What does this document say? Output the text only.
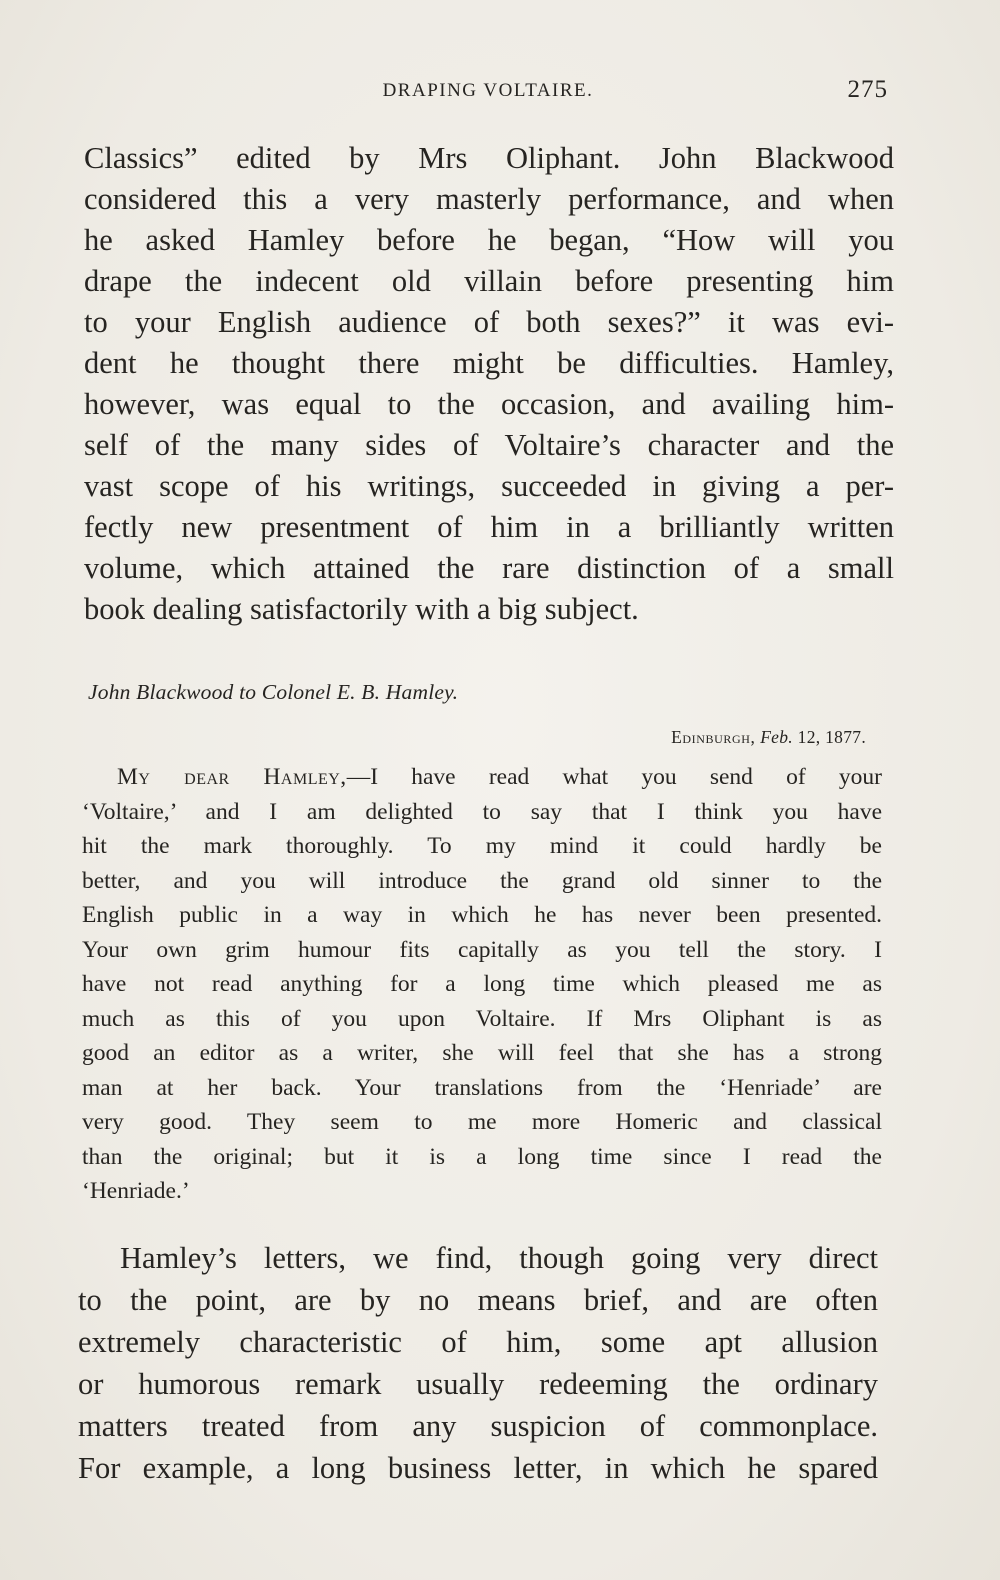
DRAPING VOLTAIRE.	275

Classics” edited by Mrs Oliphant. John Blackwood
considered this a very masterly performance, and when
he asked Hamley before he began, “How will you
drape the indecent old villain before presenting him
to your English audience of both sexes?” it was evi-
dent he thought there might be difficulties. Hamley,
however, was equal to the occasion, and availing him-
self of the many sides of Voltaire’s character and the
vast scope of his writings, succeeded in giving a per-
fectly new presentment of him in a brilliantly written
volume, which attained the rare distinction of a small
book dealing satisfactorily with a big subject.

John Blackwood to Colonel E. B. Hamley.
Edinburgh, Feb. 12, 1877.

My dear Hamley,—I have read what you send of your
‘Voltaire,’ and I am delighted to say that I think you have
hit the mark thoroughly. To my mind it could hardly be
better, and you will introduce the grand old sinner to the
English public in a way in which he has never been presented.
Your own grim humour fits capitally as you tell the story. I
have not read anything for a long time which pleased me as
much as this of you upon Voltaire. If Mrs Oliphant is as
good an editor as a writer, she will feel that she has a strong
man at her back. Your translations from the ‘Henriade’ are
very good. They seem to me more Homeric and classical
than the original; but it is a long time since I read the
‘Henriade.’

Hamley’s letters, we find, though going very direct
to the point, are by no means brief, and are often
extremely characteristic of him, some apt allusion
or humorous remark usually redeeming the ordinary
matters treated from any suspicion of commonplace.
For example, a long business letter, in which he spared
